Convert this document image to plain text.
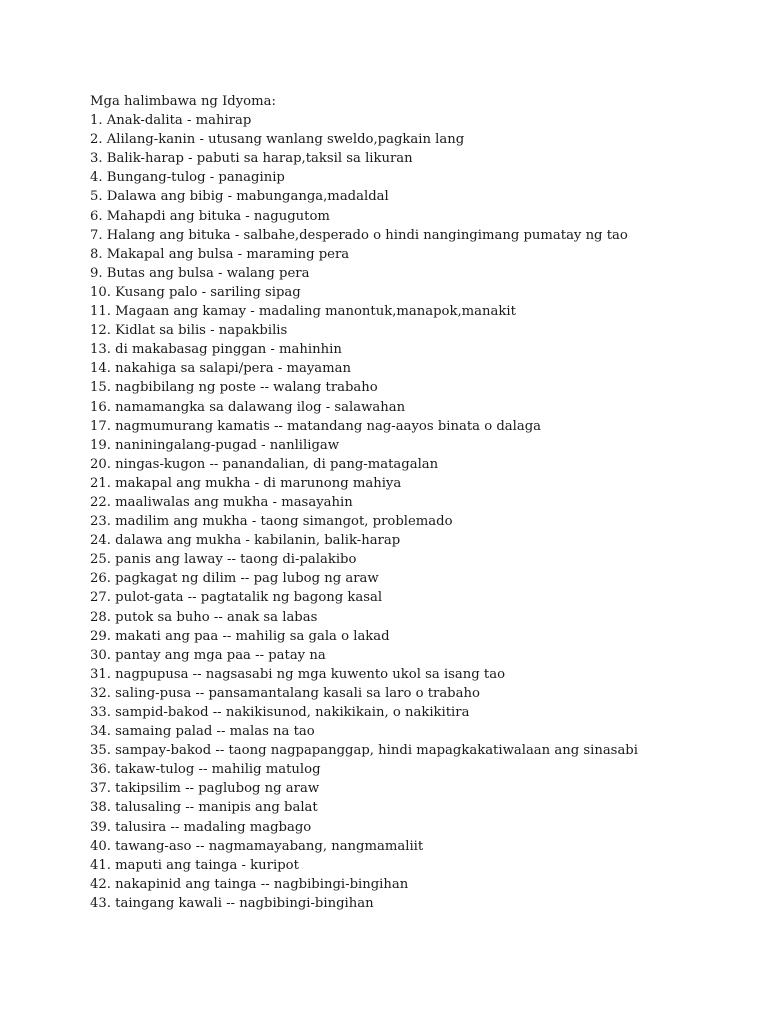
Mga halimbawa ng Idyoma:
1. Anak-dalita - mahirap
2. Alilang-kanin - utusang wanlang sweldo,pagkain lang
3. Balik-harap - pabuti sa harap,taksil sa likuran
4. Bungang-tulog - panaginip
5. Dalawa ang bibig - mabunganga,madaldal
6. Mahapdi ang bituka - nagugutom
7. Halang ang bituka - salbahe,desperado o hindi nangingimang pumatay ng tao
8. Makapal ang bulsa - maraming pera
9. Butas ang bulsa - walang pera
10. Kusang palo - sariling sipag
11. Magaan ang kamay - madaling manontuk,manapok,manakit
12. Kidlat sa bilis - napakbilis
13. di makabasag pinggan - mahinhin
14. nakahiga sa salapi/pera - mayaman
15. nagbibilang ng poste -- walang trabaho
16. namamangka sa dalawang ilog - salawahan
17. nagmumurang kamatis -- matandang nag-aayos binata o dalaga
19. naniningalang-pugad - nanliligaw
20. ningas-kugon -- panandalian, di pang-matagalan
21. makapal ang mukha - di marunong mahiya
22. maaliwalas ang mukha - masayahin
23. madilim ang mukha - taong simangot, problemado
24. dalawa ang mukha - kabilanin, balik-harap
25. panis ang laway -- taong di-palakibo
26. pagkagat ng dilim -- pag lubog ng araw
27. pulot-gata -- pagtatalik ng bagong kasal
28. putok sa buho -- anak sa labas
29. makati ang paa -- mahilig sa gala o lakad
30. pantay ang mga paa -- patay na
31. nagpupusa -- nagsasabi ng mga kuwento ukol sa isang tao
32. saling-pusa -- pansamantalang kasali sa laro o trabaho
33. sampid-bakod -- nakikisunod, nakikikain, o nakikitira
34. samaing palad -- malas na tao
35. sampay-bakod -- taong nagpapanggap, hindi mapagkakatiwalaan ang sinasabi
36. takaw-tulog -- mahilig matulog
37. takipsilim -- paglubog ng araw
38. talusaling -- manipis ang balat
39. talusira -- madaling magbago
40. tawang-aso -- nagmamayabang, nangmamaliit
41. maputi ang tainga - kuripot
42. nakapinid ang tainga -- nagbibingi-bingihan
43. taingang kawali -- nagbibingi-bingihan
